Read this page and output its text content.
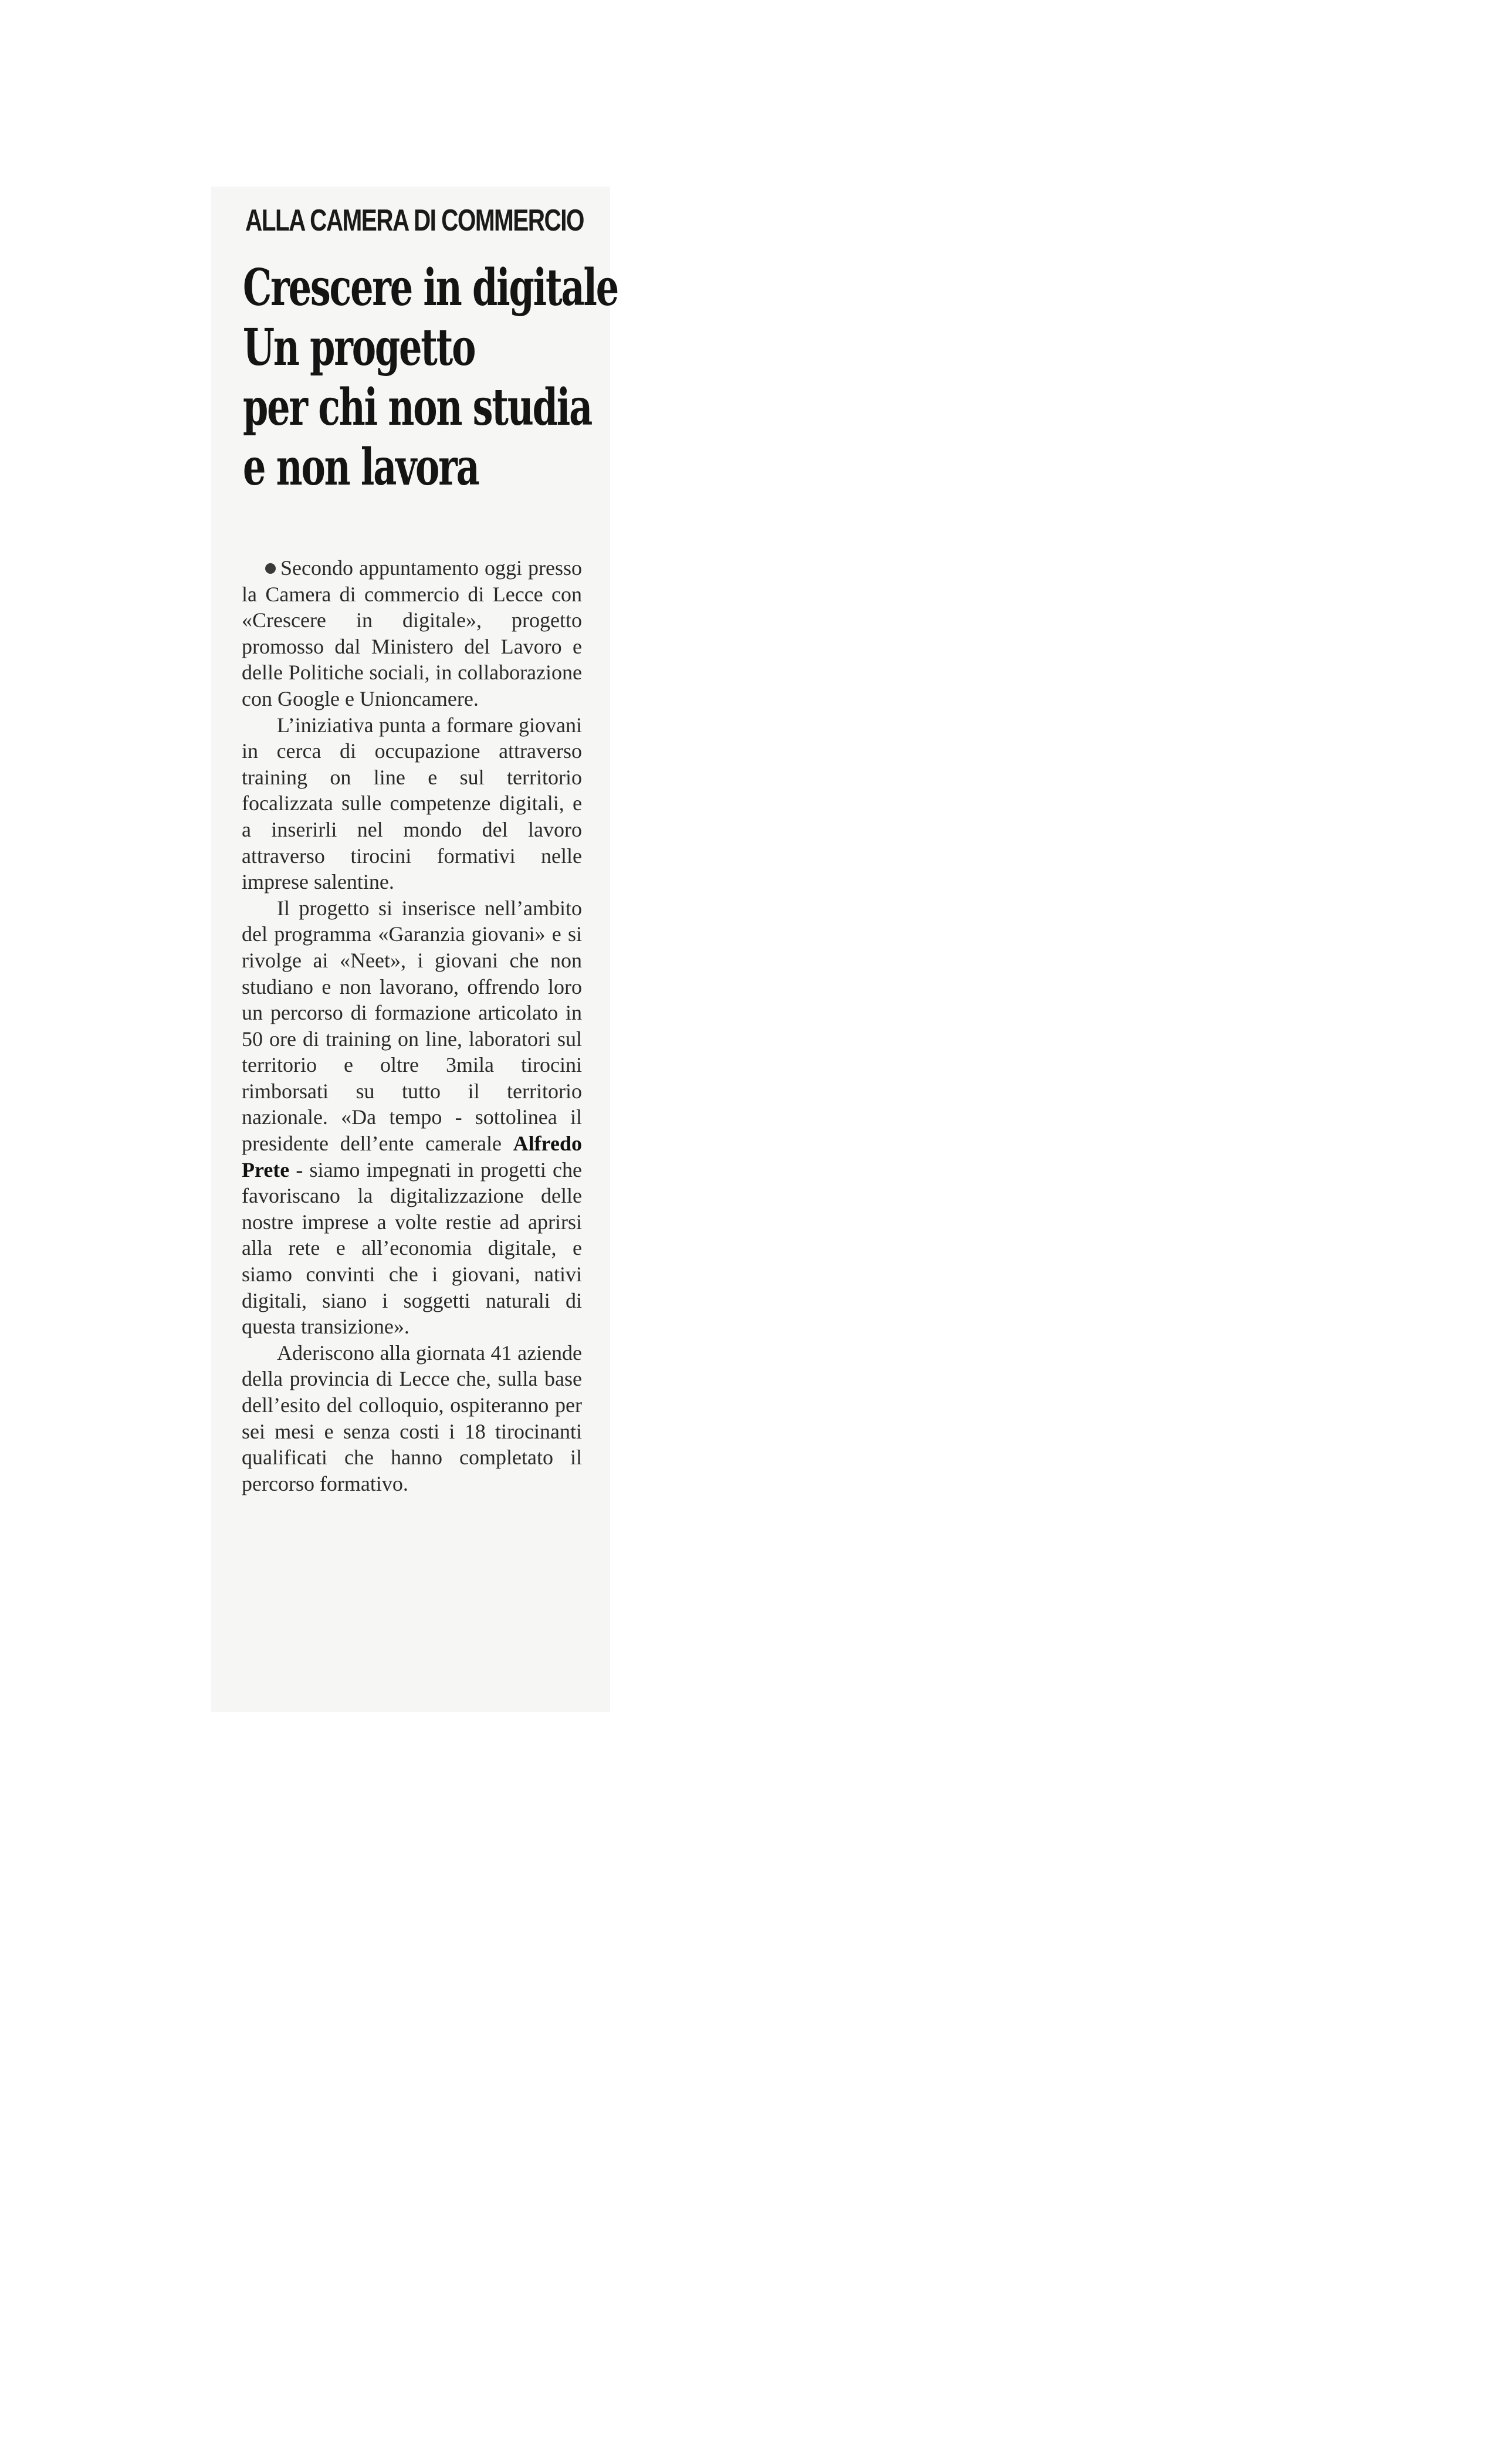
ALLA CAMERA DI COMMERCIO
Crescere in digitale
Un progetto
per chi non studia
e non lavora

Secondo appuntamento oggi presso la Camera di commercio di Lecce con «Crescere in digitale», progetto promosso dal Ministero del Lavoro e delle Politiche sociali, in collaborazione con Google e Unioncamere.

L’iniziativa punta a formare giovani in cerca di occupazione attraverso training on line e sul territorio focalizzata sulle competenze digitali, e a inserirli nel mondo del lavoro attraverso tirocini formativi nelle imprese salentine.

Il progetto si inserisce nell’ambito del programma «Garanzia giovani» e si rivolge ai «Neet», i giovani che non studiano e non lavorano, offrendo loro un percorso di formazione articolato in 50 ore di training on line, laboratori sul territorio e oltre 3mila tirocini rimborsati su tutto il territorio nazionale. «Da tempo - sottolinea il presidente dell’ente camerale Alfredo Prete - siamo impegnati in progetti che favoriscano la digitalizzazione delle nostre imprese a volte restie ad aprirsi alla rete e all’economia digitale, e siamo convinti che i giovani, nativi digitali, siano i soggetti naturali di questa transizione».

Aderiscono alla giornata 41 aziende della provincia di Lecce che, sulla base dell’esito del colloquio, ospiteranno per sei mesi e senza costi i 18 tirocinanti qualificati che hanno completato il percorso formativo.
